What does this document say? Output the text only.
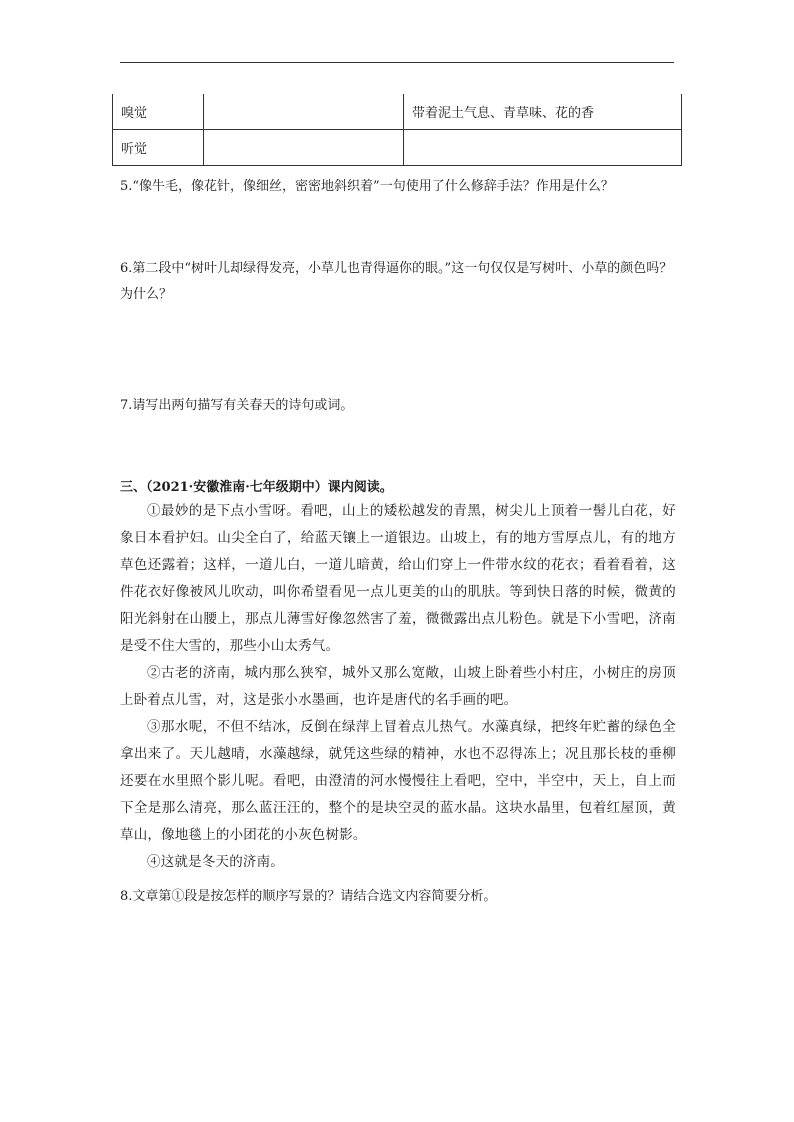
嗅觉		带着泥土气息、青草味、花的香
听觉		
5.“像牛毛，像花针，像细丝，密密地斜织着”一句使用了什么修辞手法？作用是什么？
6.第二段中“树叶儿却绿得发亮，小草儿也青得逼你的眼。”这一句仅仅是写树叶、小草的颜色吗？为什么？
7.请写出两句描写有关春天的诗句或词。
三、（2021·安徽淮南·七年级期中）课内阅读。

①最妙的是下点小雪呀。看吧，山上的矮松越发的青黑，树尖儿上顶着一髻儿白花，好象日本看护妇。山尖全白了，给蓝天镶上一道银边。山坡上，有的地方雪厚点儿，有的地方草色还露着；这样，一道儿白，一道儿暗黄，给山们穿上一件带水纹的花衣；看着看着，这件花衣好像被风儿吹动，叫你希望看见一点儿更美的山的肌肤。等到快日落的时候，微黄的阳光斜射在山腰上，那点儿薄雪好像忽然害了羞，微微露出点儿粉色。就是下小雪吧，济南是受不住大雪的，那些小山太秀气。

②古老的济南，城内那么狭窄，城外又那么宽敞，山坡上卧着些小村庄，小树庄的房顶上卧着点儿雪，对，这是张小水墨画，也许是唐代的名手画的吧。

③那水呢，不但不结冰，反倒在绿萍上冒着点儿热气。水藻真绿，把终年贮蓄的绿色全拿出来了。天儿越晴，水藻越绿，就凭这些绿的精神，水也不忍得冻上；况且那长枝的垂柳还要在水里照个影儿呢。看吧，由澄清的河水慢慢往上看吧，空中，半空中，天上，自上而下全是那么清亮，那么蓝汪汪的，整个的是块空灵的蓝水晶。这块水晶里，包着红屋顶，黄草山，像地毯上的小团花的小灰色树影。

④这就是冬天的济南。

8.文章第①段是按怎样的顺序写景的？请结合选文内容简要分析。
